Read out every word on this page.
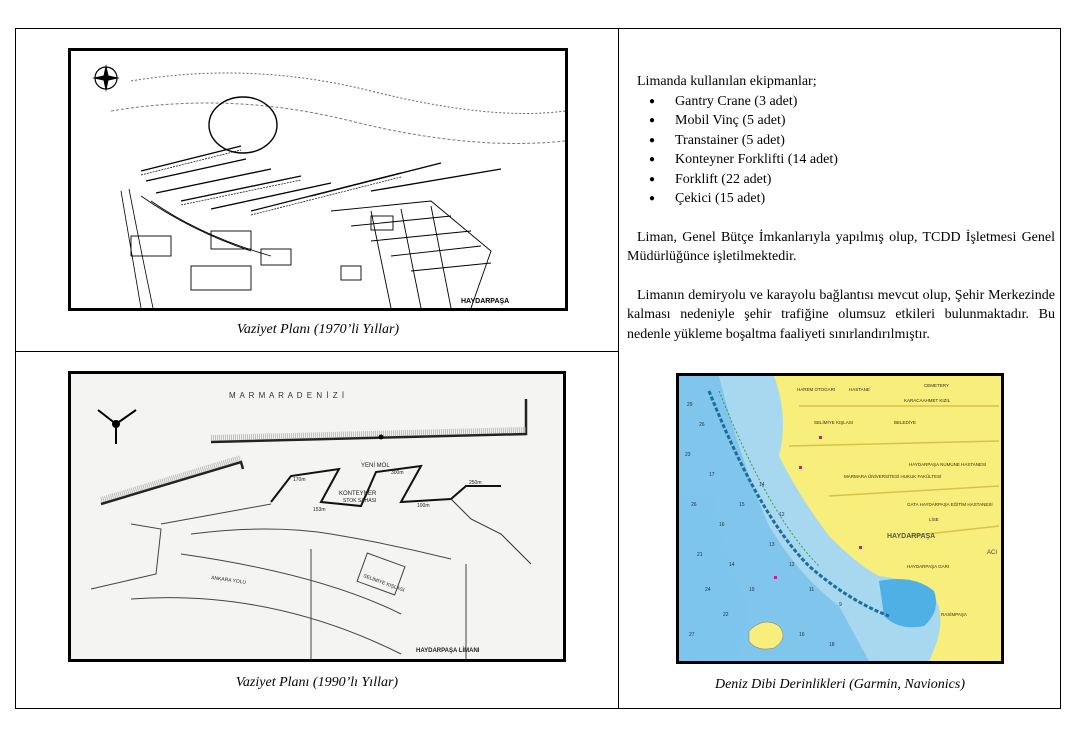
HAYDARPAŞA
Vaziyet Planı (1970’li Yıllar)
M A R M A R A D E N İ Z İ
YENİ MOL
KONTEYNER
STOK SAHASI
170m
153m
300m
250m
100m
ANKARA YOLU	SELİMİYE KIŞLASI
HAYDARPAŞA LİMANI
Vaziyet Planı (1990’lı Yıllar)

Limanda kullanılan ekipmanlar;

● Gantry Crane (3 adet)
● Mobil Vinç (5 adet)
● Transtainer (5 adet)
● Konteyner Forklifti (14 adet)
● Forklift (22 adet)
● Çekici (15 adet)

Liman, Genel Bütçe İmkanlarıyla yapılmış olup, TCDD İşletmesi Genel Müdürlüğünce işletilmektedir.

Limanın demiryolu ve karayolu bağlantısı mevcut olup, Şehir Merkezinde kalması nedeniyle şehir trafiğine olumsuz etkileri bulunmaktadır. Bu nedenle yükleme boşaltma faaliyeti sınırlandırılmıştır.

29
26
23
17
26
16
21
14
24	19
22
13
12
11
9
15
14
12
16
18
27
HAREM OTOGARI	HASTANE
CEMETERY
KARACAAHMET KIZIL
SELİMİYE KIŞLASI	BELEDİYE
HAYDARPAŞA NUMUNE HASTANESİ
MARMARA ÜNİVERSİTESİ HUKUK FAKÜLTESİ
GATA HAYDARPAŞA EĞİTİM HASTANESİ
LİSE
HAYDARPAŞA
HAYDARPAŞA GARI
RASİMPAŞA
ACI
Deniz Dibi Derinlikleri (Garmin, Navionics)
